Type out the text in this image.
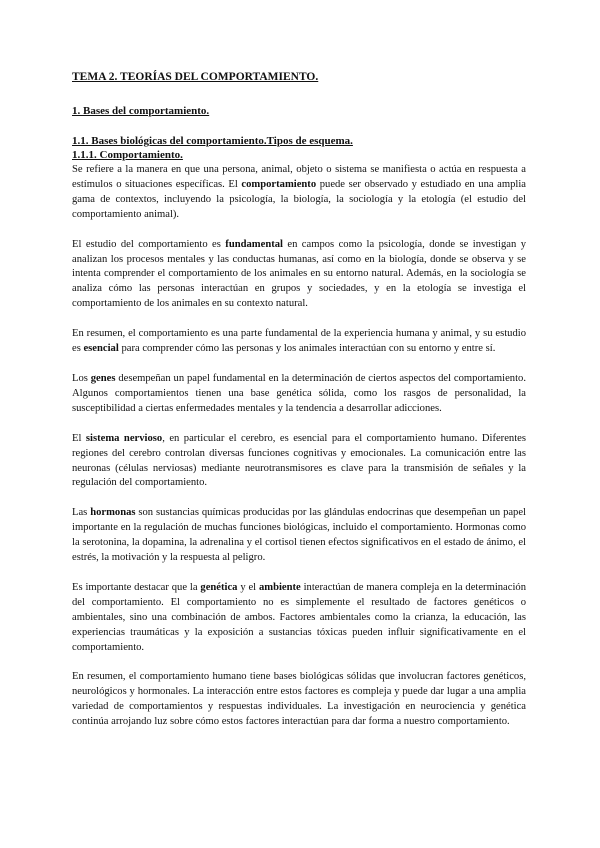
TEMA 2. TEORÍAS DEL COMPORTAMIENTO.
1. Bases del comportamiento.
1.1. Bases biológicas del comportamiento.Tipos de esquema.
1.1.1. Comportamiento.

Se refiere a la manera en que una persona, animal, objeto o sistema se manifiesta o actúa en respuesta a estímulos o situaciones específicas. El comportamiento puede ser observado y estudiado en una amplia gama de contextos, incluyendo la psicología, la biología, la sociología y la etología (el estudio del comportamiento animal).

El estudio del comportamiento es fundamental en campos como la psicología, donde se investigan y analizan los procesos mentales y las conductas humanas, así como en la biología, donde se observa y se intenta comprender el comportamiento de los animales en su entorno natural. Además, en la sociología se analiza cómo las personas interactúan en grupos y sociedades, y en la etología se investiga el comportamiento de los animales en su contexto natural.

En resumen, el comportamiento es una parte fundamental de la experiencia humana y animal, y su estudio es esencial para comprender cómo las personas y los animales interactúan con su entorno y entre sí.

Los genes desempeñan un papel fundamental en la determinación de ciertos aspectos del comportamiento. Algunos comportamientos tienen una base genética sólida, como los rasgos de personalidad, la susceptibilidad a ciertas enfermedades mentales y la tendencia a desarrollar adicciones.

El sistema nervioso, en particular el cerebro, es esencial para el comportamiento humano. Diferentes regiones del cerebro controlan diversas funciones cognitivas y emocionales. La comunicación entre las neuronas (células nerviosas) mediante neurotransmisores es clave para la transmisión de señales y la regulación del comportamiento.

Las hormonas son sustancias químicas producidas por las glándulas endocrinas que desempeñan un papel importante en la regulación de muchas funciones biológicas, incluido el comportamiento. Hormonas como la serotonina, la dopamina, la adrenalina y el cortisol tienen efectos significativos en el estado de ánimo, el estrés, la motivación y la respuesta al peligro.

Es importante destacar que la genética y el ambiente interactúan de manera compleja en la determinación del comportamiento. El comportamiento no es simplemente el resultado de factores genéticos o ambientales, sino una combinación de ambos. Factores ambientales como la crianza, la educación, las experiencias traumáticas y la exposición a sustancias tóxicas pueden influir significativamente en el comportamiento.

En resumen, el comportamiento humano tiene bases biológicas sólidas que involucran factores genéticos, neurológicos y hormonales. La interacción entre estos factores es compleja y puede dar lugar a una amplia variedad de comportamientos y respuestas individuales. La investigación en neurociencia y genética continúa arrojando luz sobre cómo estos factores interactúan para dar forma a nuestro comportamiento.
